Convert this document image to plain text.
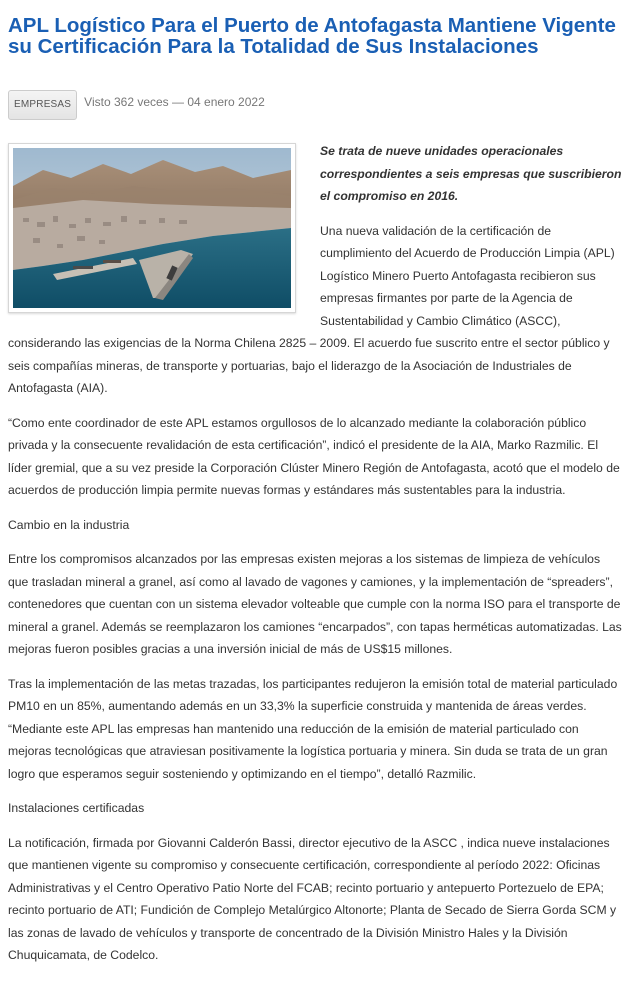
APL Logístico Para el Puerto de Antofagasta Mantiene Vigente su Certificación Para la Totalidad de Sus Instalaciones
EMPRESAS	Visto 362 veces — 04 enero 2022

Se trata de nueve unidades operacionales correspondientes a seis empresas que suscribieron el compromiso en 2016.

Una nueva validación de la certificación de cumplimiento del Acuerdo de Producción Limpia (APL) Logístico Minero Puerto Antofagasta recibieron sus empresas firmantes por parte de la Agencia de Sustentabilidad y Cambio Climático (ASCC), considerando las exigencias de la Norma Chilena 2825 – 2009. El acuerdo fue suscrito entre el sector público y seis compañías mineras, de transporte y portuarias, bajo el liderazgo de la Asociación de Industriales de Antofagasta (AIA).

“Como ente coordinador de este APL estamos orgullosos de lo alcanzado mediante la colaboración público privada y la consecuente revalidación de esta certificación”, indicó el presidente de la AIA, Marko Razmilic. El líder gremial, que a su vez preside la Corporación Clúster Minero Región de Antofagasta, acotó que el modelo de acuerdos de producción limpia permite nuevas formas y estándares más sustentables para la industria.

Cambio en la industria

Entre los compromisos alcanzados por las empresas existen mejoras a los sistemas de limpieza de vehículos que trasladan mineral a granel, así como al lavado de vagones y camiones, y la implementación de “spreaders”, contenedores que cuentan con un sistema elevador volteable que cumple con la norma ISO para el transporte de mineral a granel. Además se reemplazaron los camiones “encarpados”, con tapas herméticas automatizadas. Las mejoras fueron posibles gracias a una inversión inicial de más de US$15 millones.

Tras la implementación de las metas trazadas, los participantes redujeron la emisión total de material particulado PM10 en un 85%, aumentando además en un 33,3% la superficie construida y mantenida de áreas verdes. “Mediante este APL las empresas han mantenido una reducción de la emisión de material particulado con mejoras tecnológicas que atraviesan positivamente la logística portuaria y minera. Sin duda se trata de un gran logro que esperamos seguir sosteniendo y optimizando en el tiempo”, detalló Razmilic.

Instalaciones certificadas

La notificación, firmada por Giovanni Calderón Bassi, director ejecutivo de la ASCC , indica nueve instalaciones que mantienen vigente su compromiso y consecuente certificación, correspondiente al período 2022: Oficinas Administrativas y el Centro Operativo Patio Norte del FCAB; recinto portuario y antepuerto Portezuelo de EPA; recinto portuario de ATI; Fundición de Complejo Metalúrgico Altonorte; Planta de Secado de Sierra Gorda SCM y las zonas de lavado de vehículos y transporte de concentrado de la División Ministro Hales y la División Chuquicamata, de Codelco.
